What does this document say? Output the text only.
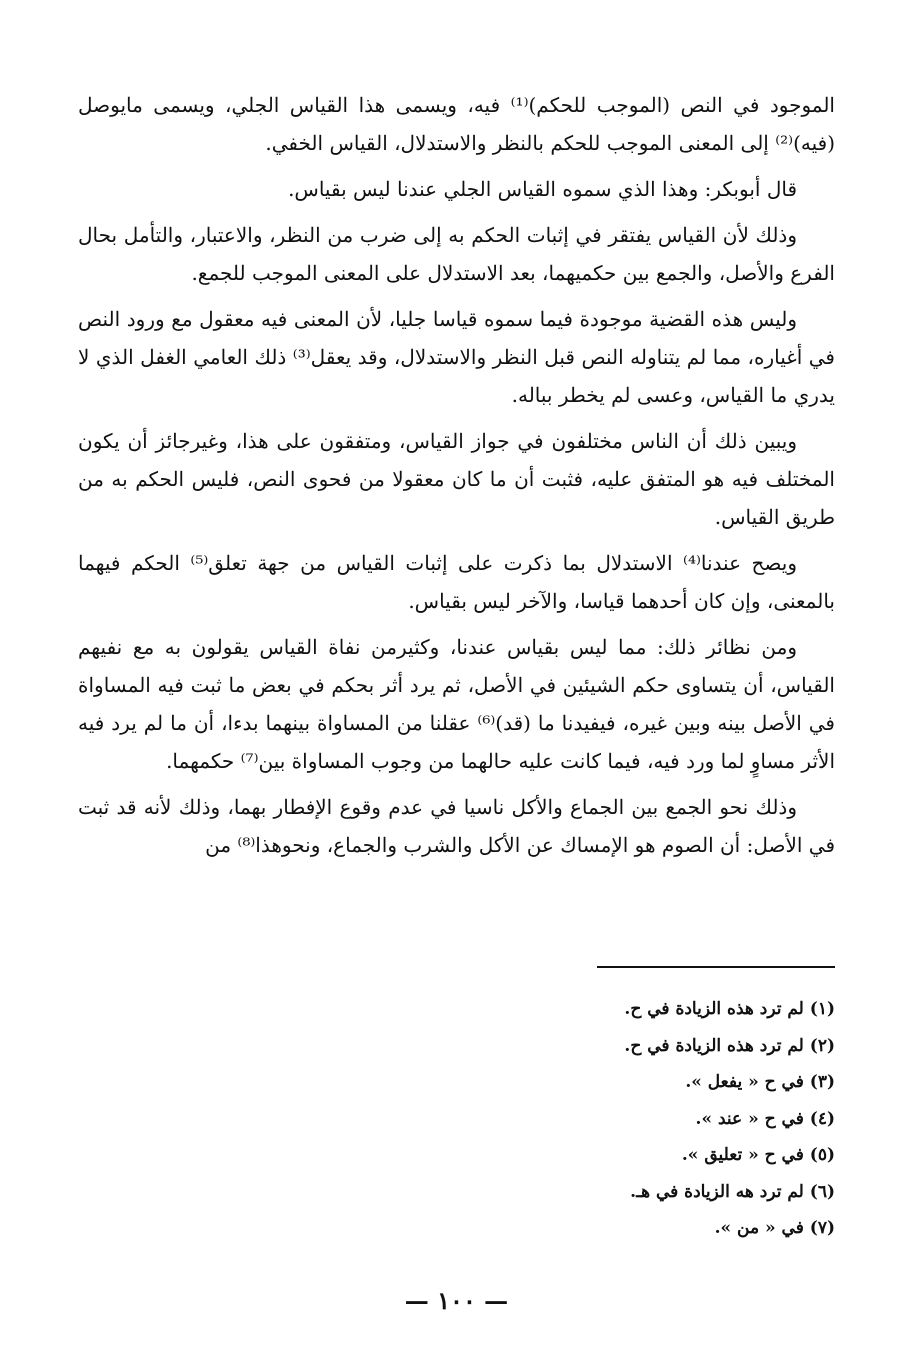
الموجود في النص (الموجب للحكم)⁽¹⁾ فيه، ويسمى هذا القياس الجلي، ويسمى مايوصل (فيه)⁽²⁾ إلى المعنى الموجب للحكم بالنظر والاستدلال، القياس الخفي.

قال أبوبكر: وهذا الذي سموه القياس الجلي عندنا ليس بقياس.

وذلك لأن القياس يفتقر في إثبات الحكم به إلى ضرب من النظر، والاعتبار، والتأمل بحال الفرع والأصل، والجمع بين حكميهما، بعد الاستدلال على المعنى الموجب للجمع.

وليس هذه القضية موجودة فيما سموه قياسا جليا، لأن المعنى فيه معقول مع ورود النص في أغياره، مما لم يتناوله النص قبل النظر والاستدلال، وقد يعقل⁽³⁾ ذلك العامي الغفل الذي لا يدري ما القياس، وعسى لم يخطر بباله.

ويبين ذلك أن الناس مختلفون في جواز القياس، ومتفقون على هذا، وغيرجائز أن يكون المختلف فيه هو المتفق عليه، فثبت أن ما كان معقولا من فحوى النص، فليس الحكم به من طريق القياس.

ويصح عندنا⁽⁴⁾ الاستدلال بما ذكرت على إثبات القياس من جهة تعلق⁽⁵⁾ الحكم فيهما بالمعنى، وإن كان أحدهما قياسا، والآخر ليس بقياس.

ومن نظائر ذلك: مما ليس بقياس عندنا، وكثيرمن نفاة القياس يقولون به مع نفيهم القياس، أن يتساوى حكم الشيئين في الأصل، ثم يرد أثر بحكم في بعض ما ثبت فيه المساواة في الأصل بينه وبين غيره، فيفيدنا ما (قد)⁽⁶⁾ عقلنا من المساواة بينهما بدءا، أن ما لم يرد فيه الأثر مساوٍ لما ورد فيه، فيما كانت عليه حالهما من وجوب المساواة بين⁽⁷⁾ حكمهما.

وذلك نحو الجمع بين الجماع والأكل ناسيا في عدم وقوع الإفطار بهما، وذلك لأنه قد ثبت في الأصل: أن الصوم هو الإمساك عن الأكل والشرب والجماع، ونحوهذا⁽⁸⁾ من

(١) لم ترد هذه الزيادة في ح.
(٢) لم ترد هذه الزيادة في ح.
(٣) في ح « يفعل ».
(٤) في ح « عند ».
(٥) في ح « تعليق ».
(٦) لم ترد هه الزيادة في هـ.
(٧) في « من ».
— ١٠٠ —
